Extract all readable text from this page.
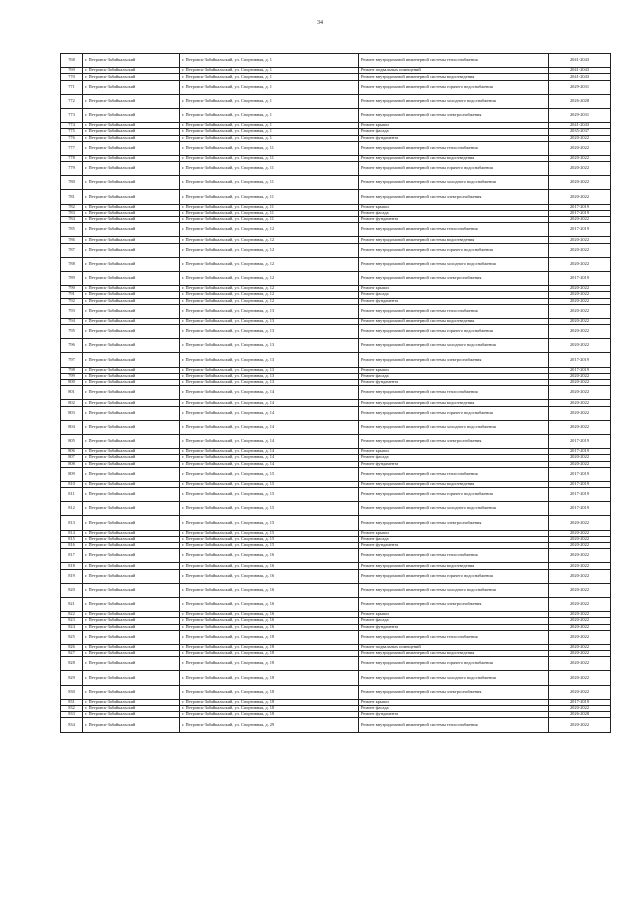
34
768	г. Петровск-Забайкальский	г. Петровск-Забайкальский, ул. Спортивная, д. 1	Ремонт внутридомовой инженерной системы теплоснабжения	2041-2043
769	г. Петровск-Забайкальский	г. Петровск-Забайкальский, ул. Спортивная, д. 1	Ремонт подвальных помещений	2041-2043
770	г. Петровск-Забайкальский	г. Петровск-Забайкальский, ул. Спортивная, д. 1	Ремонт внутридомовой инженерной системы водоотведения	2041-2043
771	г. Петровск-Забайкальский	г. Петровск-Забайкальский, ул. Спортивная, д. 1	Ремонт внутридомовой инженерной системы горячего водоснабжения	2029-2031
772	г. Петровск-Забайкальский	г. Петровск-Забайкальский, ул. Спортивная, д. 1	Ремонт внутридомовой инженерной системы холодного водоснабжения	2026-2028
773	г. Петровск-Забайкальский	г. Петровск-Забайкальский, ул. Спортивная, д. 1	Ремонт внутридомовой инженерной системы электроснабжения	2029-2031
774	г. Петровск-Забайкальский	г. Петровск-Забайкальский, ул. Спортивная, д. 1	Ремонт крыши	2041-2043
775	г. Петровск-Забайкальский	г. Петровск-Забайкальский, ул. Спортивная, д. 1	Ремонт фасада	2035-2037
776	г. Петровск-Забайкальский	г. Петровск-Забайкальский, ул. Спортивная, д. 1	Ремонт фундамента	2020-2022
777	г. Петровск-Забайкальский	г. Петровск-Забайкальский, ул. Спортивная, д. 11	Ремонт внутридомовой инженерной системы теплоснабжения	2020-2022
778	г. Петровск-Забайкальский	г. Петровск-Забайкальский, ул. Спортивная, д. 11	Ремонт внутридомовой инженерной системы водоотведения	2020-2022
779	г. Петровск-Забайкальский	г. Петровск-Забайкальский, ул. Спортивная, д. 11	Ремонт внутридомовой инженерной системы горячего водоснабжения	2020-2022
780	г. Петровск-Забайкальский	г. Петровск-Забайкальский, ул. Спортивная, д. 11	Ремонт внутридомовой инженерной системы холодного водоснабжения	2020-2022
781	г. Петровск-Забайкальский	г. Петровск-Забайкальский, ул. Спортивная, д. 11	Ремонт внутридомовой инженерной системы электроснабжения	2020-2022
782	г. Петровск-Забайкальский	г. Петровск-Забайкальский, ул. Спортивная, д. 11	Ремонт крыши	2017-2019
783	г. Петровск-Забайкальский	г. Петровск-Забайкальский, ул. Спортивная, д. 11	Ремонт фасада	2017-2019
784	г. Петровск-Забайкальский	г. Петровск-Забайкальский, ул. Спортивная, д. 11	Ремонт фундамента	2020-2022
785	г. Петровск-Забайкальский	г. Петровск-Забайкальский, ул. Спортивная, д. 12	Ремонт внутридомовой инженерной системы теплоснабжения	2017-2019
786	г. Петровск-Забайкальский	г. Петровск-Забайкальский, ул. Спортивная, д. 12	Ремонт внутридомовой инженерной системы водоотведения	2020-2022
787	г. Петровск-Забайкальский	г. Петровск-Забайкальский, ул. Спортивная, д. 12	Ремонт внутридомовой инженерной системы горячего водоснабжения	2020-2022
788	г. Петровск-Забайкальский	г. Петровск-Забайкальский, ул. Спортивная, д. 12	Ремонт внутридомовой инженерной системы холодного водоснабжения	2020-2022
789	г. Петровск-Забайкальский	г. Петровск-Забайкальский, ул. Спортивная, д. 12	Ремонт внутридомовой инженерной системы электроснабжения	2017-2019
790	г. Петровск-Забайкальский	г. Петровск-Забайкальский, ул. Спортивная, д. 12	Ремонт крыши	2020-2022
791	г. Петровск-Забайкальский	г. Петровск-Забайкальский, ул. Спортивная, д. 12	Ремонт фасада	2020-2022
792	г. Петровск-Забайкальский	г. Петровск-Забайкальский, ул. Спортивная, д. 12	Ремонт фундамента	2020-2022
793	г. Петровск-Забайкальский	г. Петровск-Забайкальский, ул. Спортивная, д. 13	Ремонт внутридомовой инженерной системы теплоснабжения	2020-2022
794	г. Петровск-Забайкальский	г. Петровск-Забайкальский, ул. Спортивная, д. 13	Ремонт внутридомовой инженерной системы водоотведения	2020-2022
795	г. Петровск-Забайкальский	г. Петровск-Забайкальский, ул. Спортивная, д. 13	Ремонт внутридомовой инженерной системы горячего водоснабжения	2020-2022
796	г. Петровск-Забайкальский	г. Петровск-Забайкальский, ул. Спортивная, д. 13	Ремонт внутридомовой инженерной системы холодного водоснабжения	2020-2022
797	г. Петровск-Забайкальский	г. Петровск-Забайкальский, ул. Спортивная, д. 13	Ремонт внутридомовой инженерной системы электроснабжения	2017-2019
798	г. Петровск-Забайкальский	г. Петровск-Забайкальский, ул. Спортивная, д. 13	Ремонт крыши	2017-2019
799	г. Петровск-Забайкальский	г. Петровск-Забайкальский, ул. Спортивная, д. 13	Ремонт фасада	2020-2022
800	г. Петровск-Забайкальский	г. Петровск-Забайкальский, ул. Спортивная, д. 13	Ремонт фундамента	2020-2022
801	г. Петровск-Забайкальский	г. Петровск-Забайкальский, ул. Спортивная, д. 14	Ремонт внутридомовой инженерной системы теплоснабжения	2020-2022
802	г. Петровск-Забайкальский	г. Петровск-Забайкальский, ул. Спортивная, д. 14	Ремонт внутридомовой инженерной системы водоотведения	2020-2022
803	г. Петровск-Забайкальский	г. Петровск-Забайкальский, ул. Спортивная, д. 14	Ремонт внутридомовой инженерной системы горячего водоснабжения	2020-2022
804	г. Петровск-Забайкальский	г. Петровск-Забайкальский, ул. Спортивная, д. 14	Ремонт внутридомовой инженерной системы холодного водоснабжения	2020-2022
805	г. Петровск-Забайкальский	г. Петровск-Забайкальский, ул. Спортивная, д. 14	Ремонт внутридомовой инженерной системы электроснабжения	2017-2019
806	г. Петровск-Забайкальский	г. Петровск-Забайкальский, ул. Спортивная, д. 14	Ремонт крыши	2017-2019
807	г. Петровск-Забайкальский	г. Петровск-Забайкальский, ул. Спортивная, д. 14	Ремонт фасада	2020-2022
808	г. Петровск-Забайкальский	г. Петровск-Забайкальский, ул. Спортивная, д. 14	Ремонт фундамента	2020-2022
809	г. Петровск-Забайкальский	г. Петровск-Забайкальский, ул. Спортивная, д. 15	Ремонт внутридомовой инженерной системы теплоснабжения	2017-2019
810	г. Петровск-Забайкальский	г. Петровск-Забайкальский, ул. Спортивная, д. 15	Ремонт внутридомовой инженерной системы водоотведения	2017-2019
811	г. Петровск-Забайкальский	г. Петровск-Забайкальский, ул. Спортивная, д. 15	Ремонт внутридомовой инженерной системы горячего водоснабжения	2017-2019
812	г. Петровск-Забайкальский	г. Петровск-Забайкальский, ул. Спортивная, д. 15	Ремонт внутридомовой инженерной системы холодного водоснабжения	2017-2019
813	г. Петровск-Забайкальский	г. Петровск-Забайкальский, ул. Спортивная, д. 15	Ремонт внутридомовой инженерной системы электроснабжения	2020-2022
814	г. Петровск-Забайкальский	г. Петровск-Забайкальский, ул. Спортивная, д. 15	Ремонт крыши	2020-2022
815	г. Петровск-Забайкальский	г. Петровск-Забайкальский, ул. Спортивная, д. 15	Ремонт фасада	2020-2022
816	г. Петровск-Забайкальский	г. Петровск-Забайкальский, ул. Спортивная, д. 15	Ремонт фундамента	2020-2022
817	г. Петровск-Забайкальский	г. Петровск-Забайкальский, ул. Спортивная, д. 16	Ремонт внутридомовой инженерной системы теплоснабжения	2020-2022
818	г. Петровск-Забайкальский	г. Петровск-Забайкальский, ул. Спортивная, д. 16	Ремонт внутридомовой инженерной системы водоотведения	2020-2022
819	г. Петровск-Забайкальский	г. Петровск-Забайкальский, ул. Спортивная, д. 16	Ремонт внутридомовой инженерной системы горячего водоснабжения	2020-2022
820	г. Петровск-Забайкальский	г. Петровск-Забайкальский, ул. Спортивная, д. 16	Ремонт внутридомовой инженерной системы холодного водоснабжения	2020-2022
821	г. Петровск-Забайкальский	г. Петровск-Забайкальский, ул. Спортивная, д. 16	Ремонт внутридомовой инженерной системы электроснабжения	2020-2022
822	г. Петровск-Забайкальский	г. Петровск-Забайкальский, ул. Спортивная, д. 16	Ремонт крыши	2020-2022
823	г. Петровск-Забайкальский	г. Петровск-Забайкальский, ул. Спортивная, д. 16	Ремонт фасада	2020-2022
824	г. Петровск-Забайкальский	г. Петровск-Забайкальский, ул. Спортивная, д. 16	Ремонт фундамента	2020-2022
825	г. Петровск-Забайкальский	г. Петровск-Забайкальский, ул. Спортивная, д. 18	Ремонт внутридомовой инженерной системы теплоснабжения	2020-2022
826	г. Петровск-Забайкальский	г. Петровск-Забайкальский, ул. Спортивная, д. 18	Ремонт подвальных помещений	2020-2022
827	г. Петровск-Забайкальский	г. Петровск-Забайкальский, ул. Спортивная, д. 18	Ремонт внутридомовой инженерной системы водоотведения	2020-2022
828	г. Петровск-Забайкальский	г. Петровск-Забайкальский, ул. Спортивная, д. 18	Ремонт внутридомовой инженерной системы горячего водоснабжения	2020-2022
829	г. Петровск-Забайкальский	г. Петровск-Забайкальский, ул. Спортивная, д. 18	Ремонт внутридомовой инженерной системы холодного водоснабжения	2020-2022
830	г. Петровск-Забайкальский	г. Петровск-Забайкальский, ул. Спортивная, д. 18	Ремонт внутридомовой инженерной системы электроснабжения	2020-2022
831	г. Петровск-Забайкальский	г. Петровск-Забайкальский, ул. Спортивная, д. 18	Ремонт крыши	2017-2019
832	г. Петровск-Забайкальский	г. Петровск-Забайкальский, ул. Спортивная, д. 18	Ремонт фасада	2020-2022
833	г. Петровск-Забайкальский	г. Петровск-Забайкальский, ул. Спортивная, д. 18	Ремонт фундамента	2026-2028
834	г. Петровск-Забайкальский	г. Петровск-Забайкальский, ул. Спортивная, д. 29	Ремонт внутридомовой инженерной системы теплоснабжения	2020-2022
